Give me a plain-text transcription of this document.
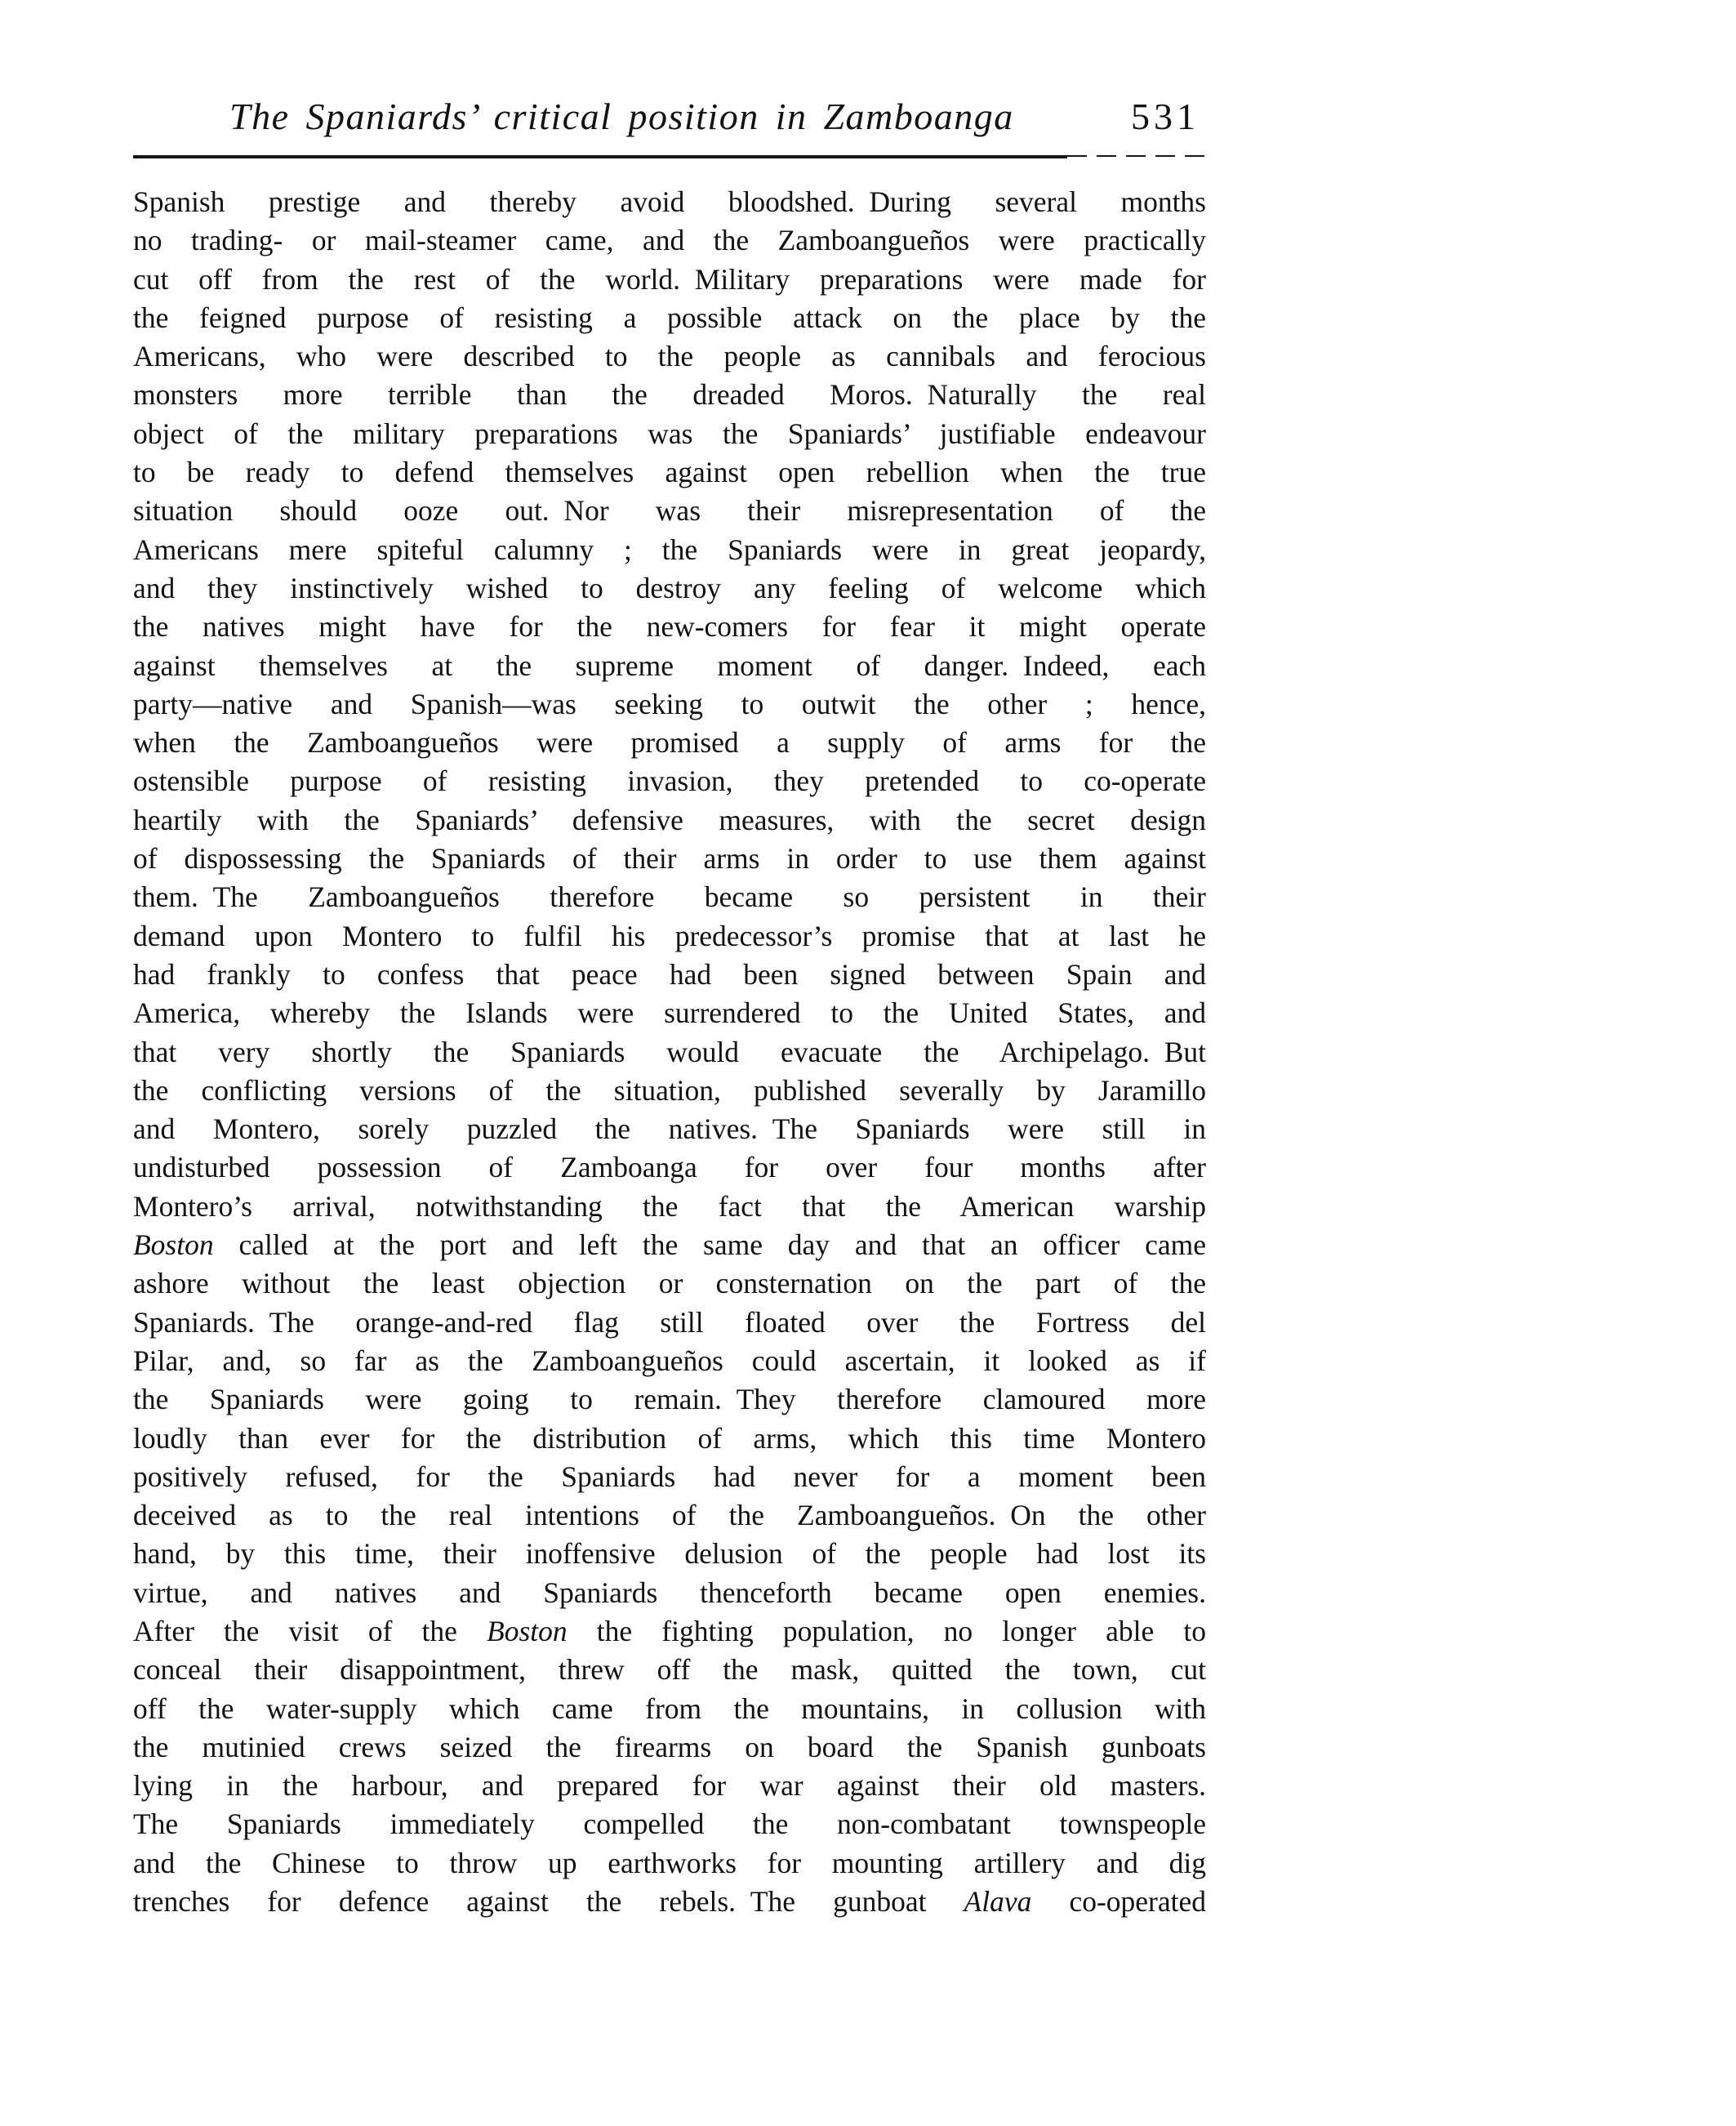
The Spaniards’ critical position in Zamboanga	531
Spanish prestige and thereby avoid bloodshed. During several months
no trading- or mail-steamer came, and the Zamboangueños were practically
cut off from the rest of the world. Military preparations were made for
the feigned purpose of resisting a possible attack on the place by the
Americans, who were described to the people as cannibals and ferocious
monsters more terrible than the dreaded Moros. Naturally the real
object of the military preparations was the Spaniards’ justifiable endeavour
to be ready to defend themselves against open rebellion when the true
situation should ooze out. Nor was their misrepresentation of the
Americans mere spiteful calumny ; the Spaniards were in great jeopardy,
and they instinctively wished to destroy any feeling of welcome which
the natives might have for the new-comers for fear it might operate
against themselves at the supreme moment of danger. Indeed, each
party—native and Spanish—was seeking to outwit the other ; hence,
when the Zamboangueños were promised a supply of arms for the
ostensible purpose of resisting invasion, they pretended to co-operate
heartily with the Spaniards’ defensive measures, with the secret design
of dispossessing the Spaniards of their arms in order to use them against
them. The Zamboangueños therefore became so persistent in their
demand upon Montero to fulfil his predecessor’s promise that at last he
had frankly to confess that peace had been signed between Spain and
America, whereby the Islands were surrendered to the United States, and
that very shortly the Spaniards would evacuate the Archipelago. But
the conflicting versions of the situation, published severally by Jaramillo
and Montero, sorely puzzled the natives. The Spaniards were still in
undisturbed possession of Zamboanga for over four months after
Montero’s arrival, notwithstanding the fact that the American warship
Boston called at the port and left the same day and that an officer came
ashore without the least objection or consternation on the part of the
Spaniards. The orange-and-red flag still floated over the Fortress del
Pilar, and, so far as the Zamboangueños could ascertain, it looked as if
the Spaniards were going to remain. They therefore clamoured more
loudly than ever for the distribution of arms, which this time Montero
positively refused, for the Spaniards had never for a moment been
deceived as to the real intentions of the Zamboangueños. On the other
hand, by this time, their inoffensive delusion of the people had lost its
virtue, and natives and Spaniards thenceforth became open enemies.
After the visit of the Boston the fighting population, no longer able to
conceal their disappointment, threw off the mask, quitted the town, cut
off the water-supply which came from the mountains, in collusion with
the mutinied crews seized the firearms on board the Spanish gunboats
lying in the harbour, and prepared for war against their old masters.
The Spaniards immediately compelled the non-combatant townspeople
and the Chinese to throw up earthworks for mounting artillery and dig
trenches for defence against the rebels. The gunboat Alava co-operated
